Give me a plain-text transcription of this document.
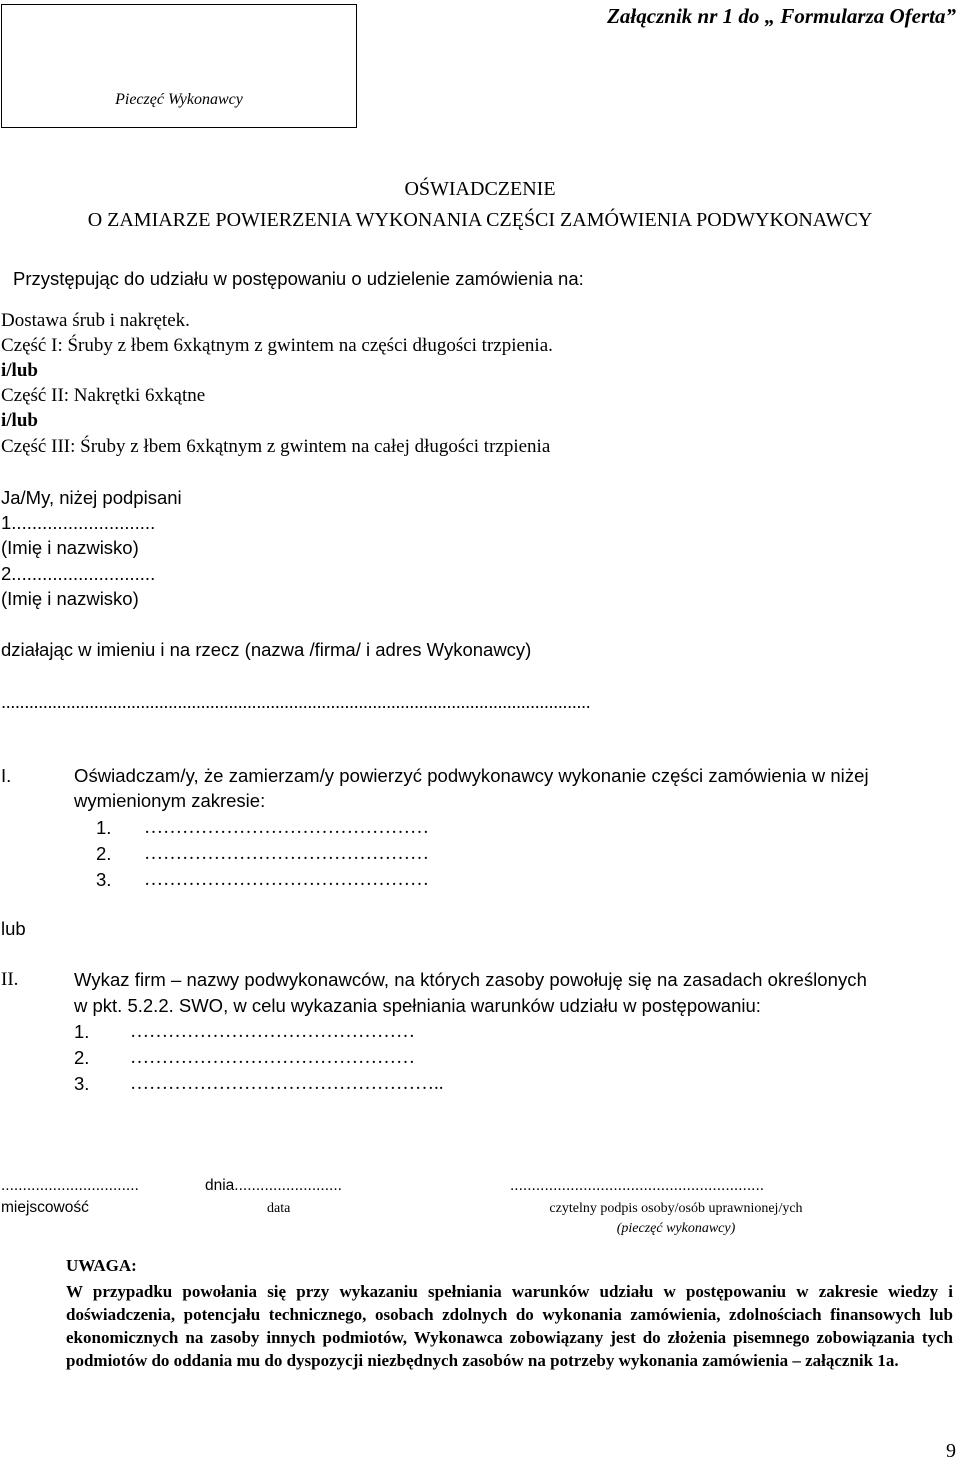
Pieczęć Wykonawcy
Załącznik nr 1 do „ Formularza Oferta”
OŚWIADCZENIE
O ZAMIARZE POWIERZENIA WYKONANIA CZĘŚCI ZAMÓWIENIA PODWYKONAWCY
Przystępując do udziału w postępowaniu o udzielenie zamówienia na:
Dostawa śrub i nakrętek.
Część I: Śruby z łbem 6xkątnym z gwintem na części długości trzpienia.
i/lub
Część II: Nakrętki 6xkątne
i/lub
Część III: Śruby z łbem 6xkątnym z gwintem na całej długości trzpienia
Ja/My, niżej podpisani
1............................
(Imię i nazwisko)
2............................
(Imię i nazwisko)
działając w imieniu i na rzecz (nazwa /firma/ i adres Wykonawcy)
...............................................................................................................................
I.	Oświadczam/y, że zamierzam/y powierzyć podwykonawcy wykonanie części zamówienia w niżej
wymienionym zakresie:
1. ………………………………………
2. ………………………………………
3. ………………………………………
lub
II.	Wykaz firm – nazwy podwykonawców, na których zasoby powołuję się na zasadach określonych
w pkt. 5.2.2. SWO, w celu wykazania spełniania warunków udziału w postępowaniu:
1. ………………………………………
2. ………………………………………
3. …………………………………………..
................................	dnia.........................	...........................................................
miejscowość	data	czytelny podpis osoby/osób uprawnionej/ych
(pieczęć wykonawcy)
UWAGA:
W przypadku powołania się przy wykazaniu spełniania warunków udziału w postępowaniu w zakresie wiedzy i doświadczenia, potencjału technicznego, osobach zdolnych do wykonania zamówienia, zdolnościach finansowych lub ekonomicznych na zasoby innych podmiotów, Wykonawca zobowiązany jest do złożenia pisemnego zobowiązania tych podmiotów do oddania mu do dyspozycji niezbędnych zasobów na potrzeby wykonania zamówienia – załącznik 1a.
9
